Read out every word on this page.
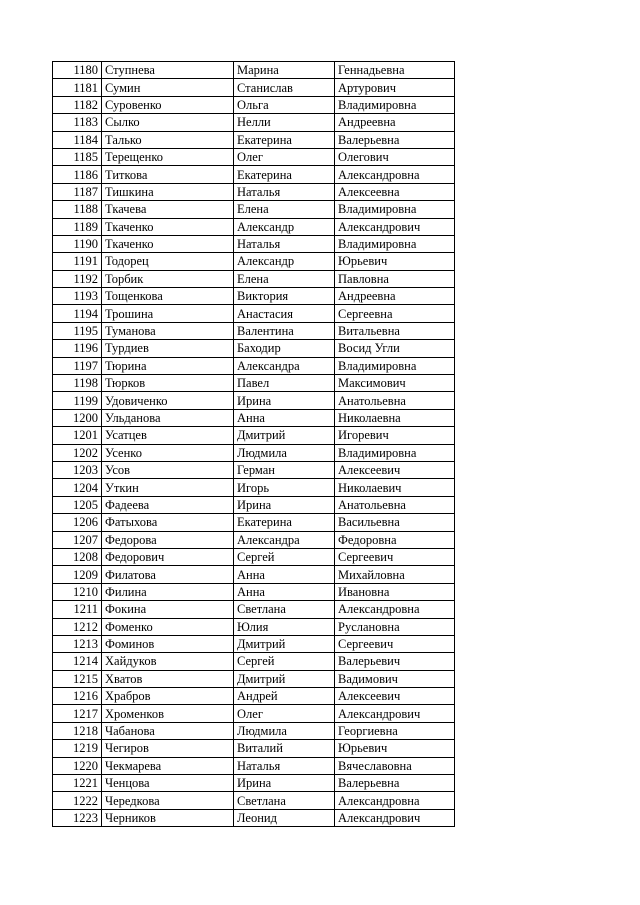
1180	Ступнева	Марина	Геннадьевна
1181	Сумин	Станислав	Артурович
1182	Суровенко	Ольга	Владимировна
1183	Сылко	Нелли	Андреевна
1184	Талько	Екатерина	Валерьевна
1185	Терещенко	Олег	Олегович
1186	Титкова	Екатерина	Александровна
1187	Тишкина	Наталья	Алексеевна
1188	Ткачева	Елена	Владимировна
1189	Ткаченко	Александр	Александрович
1190	Ткаченко	Наталья	Владимировна
1191	Тодорец	Александр	Юрьевич
1192	Торбик	Елена	Павловна
1193	Тощенкова	Виктория	Андреевна
1194	Трошина	Анастасия	Сергеевна
1195	Туманова	Валентина	Витальевна
1196	Турдиев	Баходир	Восид Угли
1197	Тюрина	Александра	Владимировна
1198	Тюрков	Павел	Максимович
1199	Удовиченко	Ирина	Анатольевна
1200	Ульданова	Анна	Николаевна
1201	Усатцев	Дмитрий	Игоревич
1202	Усенко	Людмила	Владимировна
1203	Усов	Герман	Алексеевич
1204	Уткин	Игорь	Николаевич
1205	Фадеева	Ирина	Анатольевна
1206	Фатыхова	Екатерина	Васильевна
1207	Федорова	Александра	Федоровна
1208	Федорович	Сергей	Сергеевич
1209	Филатова	Анна	Михайловна
1210	Филина	Анна	Ивановна
1211	Фокина	Светлана	Александровна
1212	Фоменко	Юлия	Руслановна
1213	Фоминов	Дмитрий	Сергеевич
1214	Хайдуков	Сергей	Валерьевич
1215	Хватов	Дмитрий	Вадимович
1216	Храбров	Андрей	Алексеевич
1217	Хроменков	Олег	Александрович
1218	Чабанова	Людмила	Георгиевна
1219	Чегиров	Виталий	Юрьевич
1220	Чекмарева	Наталья	Вячеславовна
1221	Ченцова	Ирина	Валерьевна
1222	Чередкова	Светлана	Александровна
1223	Черников	Леонид	Александрович
